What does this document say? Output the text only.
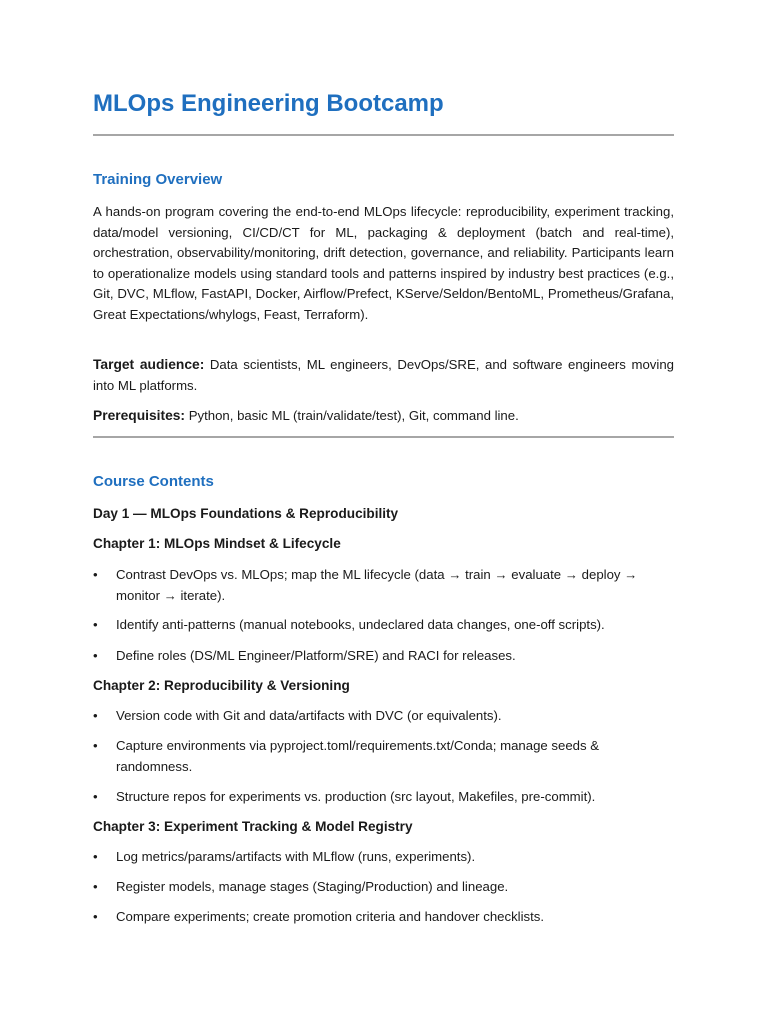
MLOps Engineering Bootcamp
Training Overview

A hands-on program covering the end-to-end MLOps lifecycle: reproducibility, experiment tracking, data/model versioning, CI/CD/CT for ML, packaging & deployment (batch and real-time), orchestration, observability/monitoring, drift detection, governance, and reliability. Participants learn to operationalize models using standard tools and patterns inspired by industry best practices (e.g., Git, DVC, MLflow, FastAPI, Docker, Airflow/Prefect, KServe/Seldon/BentoML, Prometheus/Grafana, Great Expectations/whylogs, Feast, Terraform).

Target audience: Data scientists, ML engineers, DevOps/SRE, and software engineers moving into ML platforms.

Prerequisites: Python, basic ML (train/validate/test), Git, command line.

Course Contents
Day 1 — MLOps Foundations & Reproducibility
Chapter 1: MLOps Mindset & Lifecycle
•	Contrast DevOps vs. MLOps; map the ML lifecycle (data → train → evaluate → deploy → monitor → iterate).
•	Identify anti-patterns (manual notebooks, undeclared data changes, one-off scripts).
•	Define roles (DS/ML Engineer/Platform/SRE) and RACI for releases.
Chapter 2: Reproducibility & Versioning
•	Version code with Git and data/artifacts with DVC (or equivalents).
•	Capture environments via pyproject.toml/requirements.txt/Conda; manage seeds & randomness.
•	Structure repos for experiments vs. production (src layout, Makefiles, pre-commit).
Chapter 3: Experiment Tracking & Model Registry
•	Log metrics/params/artifacts with MLflow (runs, experiments).
•	Register models, manage stages (Staging/Production) and lineage.
•	Compare experiments; create promotion criteria and handover checklists.
